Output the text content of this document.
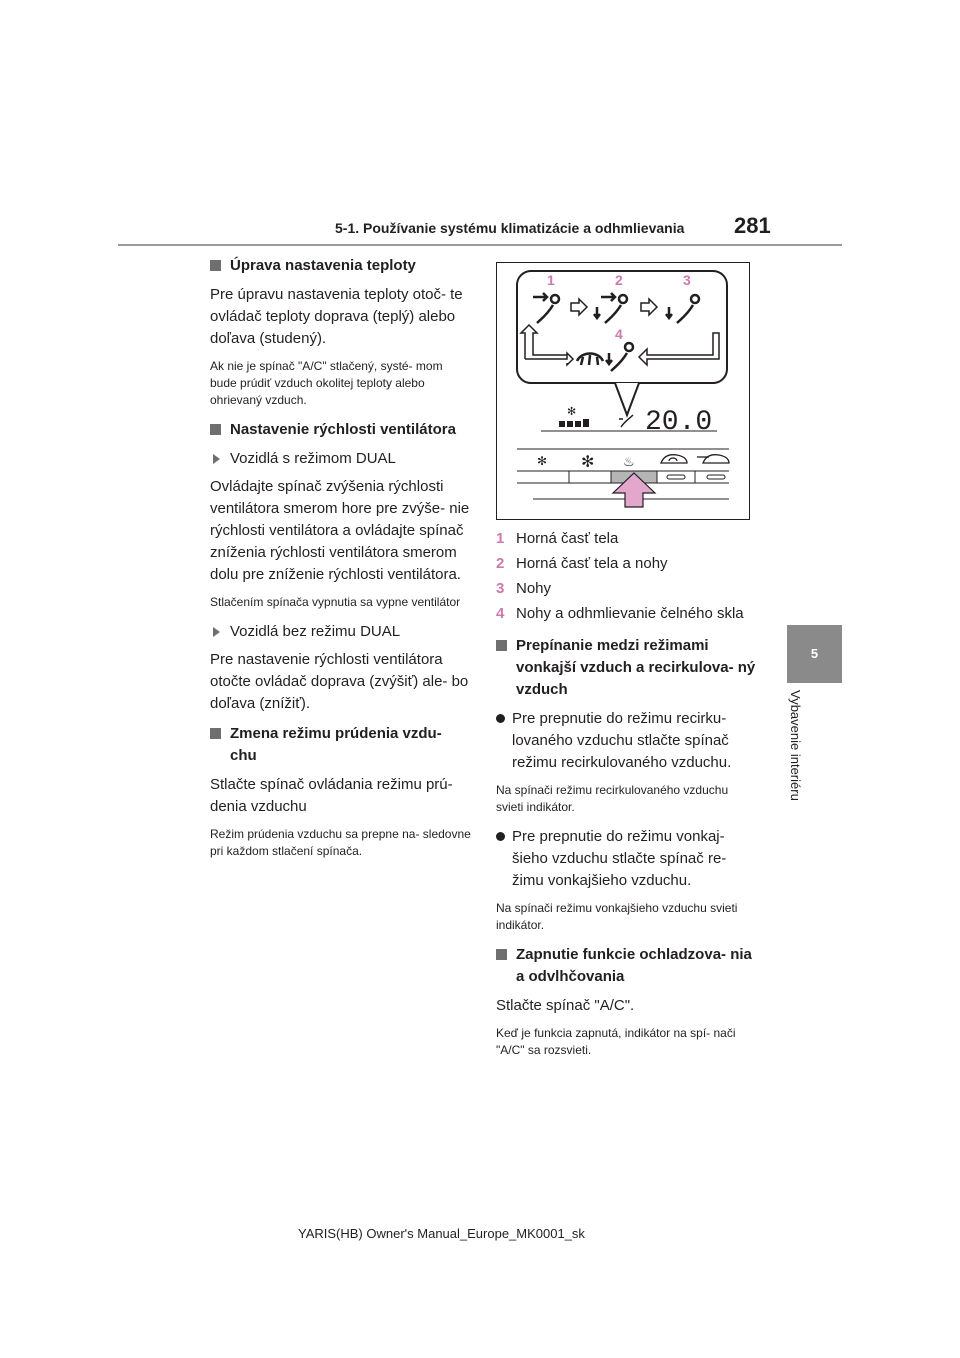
5-1. Používanie systému klimatizácie a odhmlievania 281
5
Vybavenie interiéru
Úprava nastavenia teploty
Pre úpravu nastavenia teploty otoč- te ovládač teploty doprava (teplý) alebo doľava (studený).
Ak nie je spínač "A/C" stlačený, systé- mom bude prúdiť vzduch okolitej teploty alebo ohrievaný vzduch.
Nastavenie rýchlosti ventilátora
Vozidlá s režimom DUAL
Ovládajte spínač zvýšenia rýchlosti ventilátora smerom hore pre zvýše- nie rýchlosti ventilátora a ovládajte spínač zníženia rýchlosti ventilátora smerom dolu pre zníženie rýchlosti ventilátora.
Stlačením spínača vypnutia sa vypne ventilátor
Vozidlá bez režimu DUAL
Pre nastavenie rýchlosti ventilátora otočte ovládač doprava (zvýšiť) ale- bo doľava (znížiť).
Zmena režimu prúdenia vzdu- chu
Stlačte spínač ovládania režimu prú- denia vzduchu
Režim prúdenia vzduchu sa prepne na- sledovne pri každom stlačení spínača.
1	2	3
4
✻ 20.0
✻ ✻ ♨
1 Horná časť tela
2 Horná časť tela a nohy
3 Nohy
4 Nohy a odhmlievanie čelného skla
Prepínanie medzi režimami vonkajší vzduch a recirkulova- ný vzduch
Pre prepnutie do režimu recirku- lovaného vzduchu stlačte spínač režimu recirkulovaného vzduchu.
Na spínači režimu recirkulovaného vzduchu svieti indikátor.
Pre prepnutie do režimu vonkaj- šieho vzduchu stlačte spínač re- žimu vonkajšieho vzduchu.
Na spínači režimu vonkajšieho vzduchu svieti indikátor.
Zapnutie funkcie ochladzova- nia a odvlhčovania
Stlačte spínač "A/C".
Keď je funkcia zapnutá, indikátor na spí- nači "A/C" sa rozsvieti.
YARIS(HB) Owner's Manual_Europe_MK0001_sk
